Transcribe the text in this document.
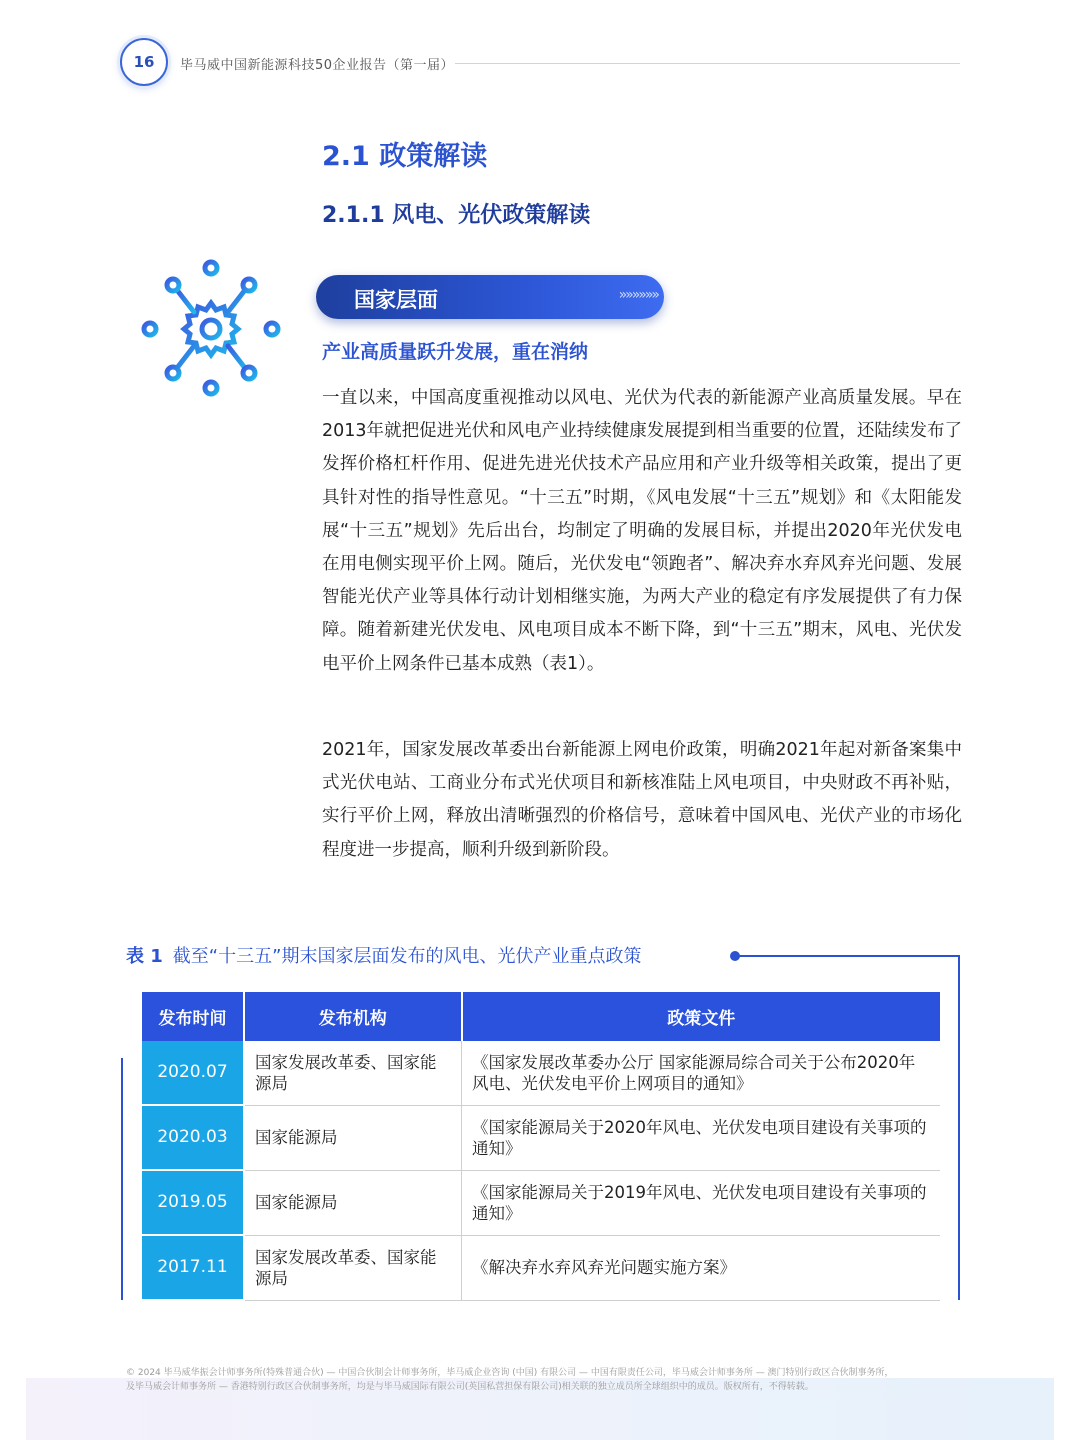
16 毕马威中国新能源科技50企业报告（第一届）
2.1 政策解读
2.1.1 风电、光伏政策解读
国家层面	»»»»»»
产业高质量跃升发展，重在消纳

一直以来，中国高度重视推动以风电、光伏为代表的新能源产业高质量发展。早在2013年就把促进光伏和风电产业持续健康发展提到相当重要的位置，还陆续发布了发挥价格杠杆作用、促进先进光伏技术产品应用和产业升级等相关政策，提出了更具针对性的指导性意见。“十三五”时期，《风电发展“十三五”规划》和《太阳能发展“十三五”规划》先后出台，均制定了明确的发展目标，并提出2020年光伏发电在用电侧实现平价上网。随后，光伏发电“领跑者”、解决弃水弃风弃光问题、发展智能光伏产业等具体行动计划相继实施，为两大产业的稳定有序发展提供了有力保障。随着新建光伏发电、风电项目成本不断下降，到“十三五”期末，风电、光伏发电平价上网条件已基本成熟（表1）。

2021年，国家发展改革委出台新能源上网电价政策，明确2021年起对新备案集中式光伏电站、工商业分布式光伏项目和新核准陆上风电项目，中央财政不再补贴，实行平价上网，释放出清晰强烈的价格信号，意味着中国风电、光伏产业的市场化程度进一步提高，顺利升级到新阶段。

表 1 截至“十三五”期末国家层面发布的风电、光伏产业重点政策
发布时间	发布机构	政策文件
2020.07	国家发展改革委、国家能源局	《国家发展改革委办公厅 国家能源局综合司关于公布2020年风电、光伏发电平价上网项目的通知》
2020.03	国家能源局	《国家能源局关于2020年风电、光伏发电项目建设有关事项的通知》
2019.05	国家能源局	《国家能源局关于2019年风电、光伏发电项目建设有关事项的通知》
2017.11	国家发展改革委、国家能源局	《解决弃水弃风弃光问题实施方案》
© 2024 毕马威华振会计师事务所(特殊普通合伙) — 中国合伙制会计师事务所，毕马威企业咨询 (中国) 有限公司 — 中国有限责任公司，毕马威会计师事务所 — 澳门特别行政区合伙制事务所，
及毕马威会计师事务所 — 香港特别行政区合伙制事务所，均是与毕马威国际有限公司(英国私营担保有限公司)相关联的独立成员所全球组织中的成员。版权所有，不得转载。
